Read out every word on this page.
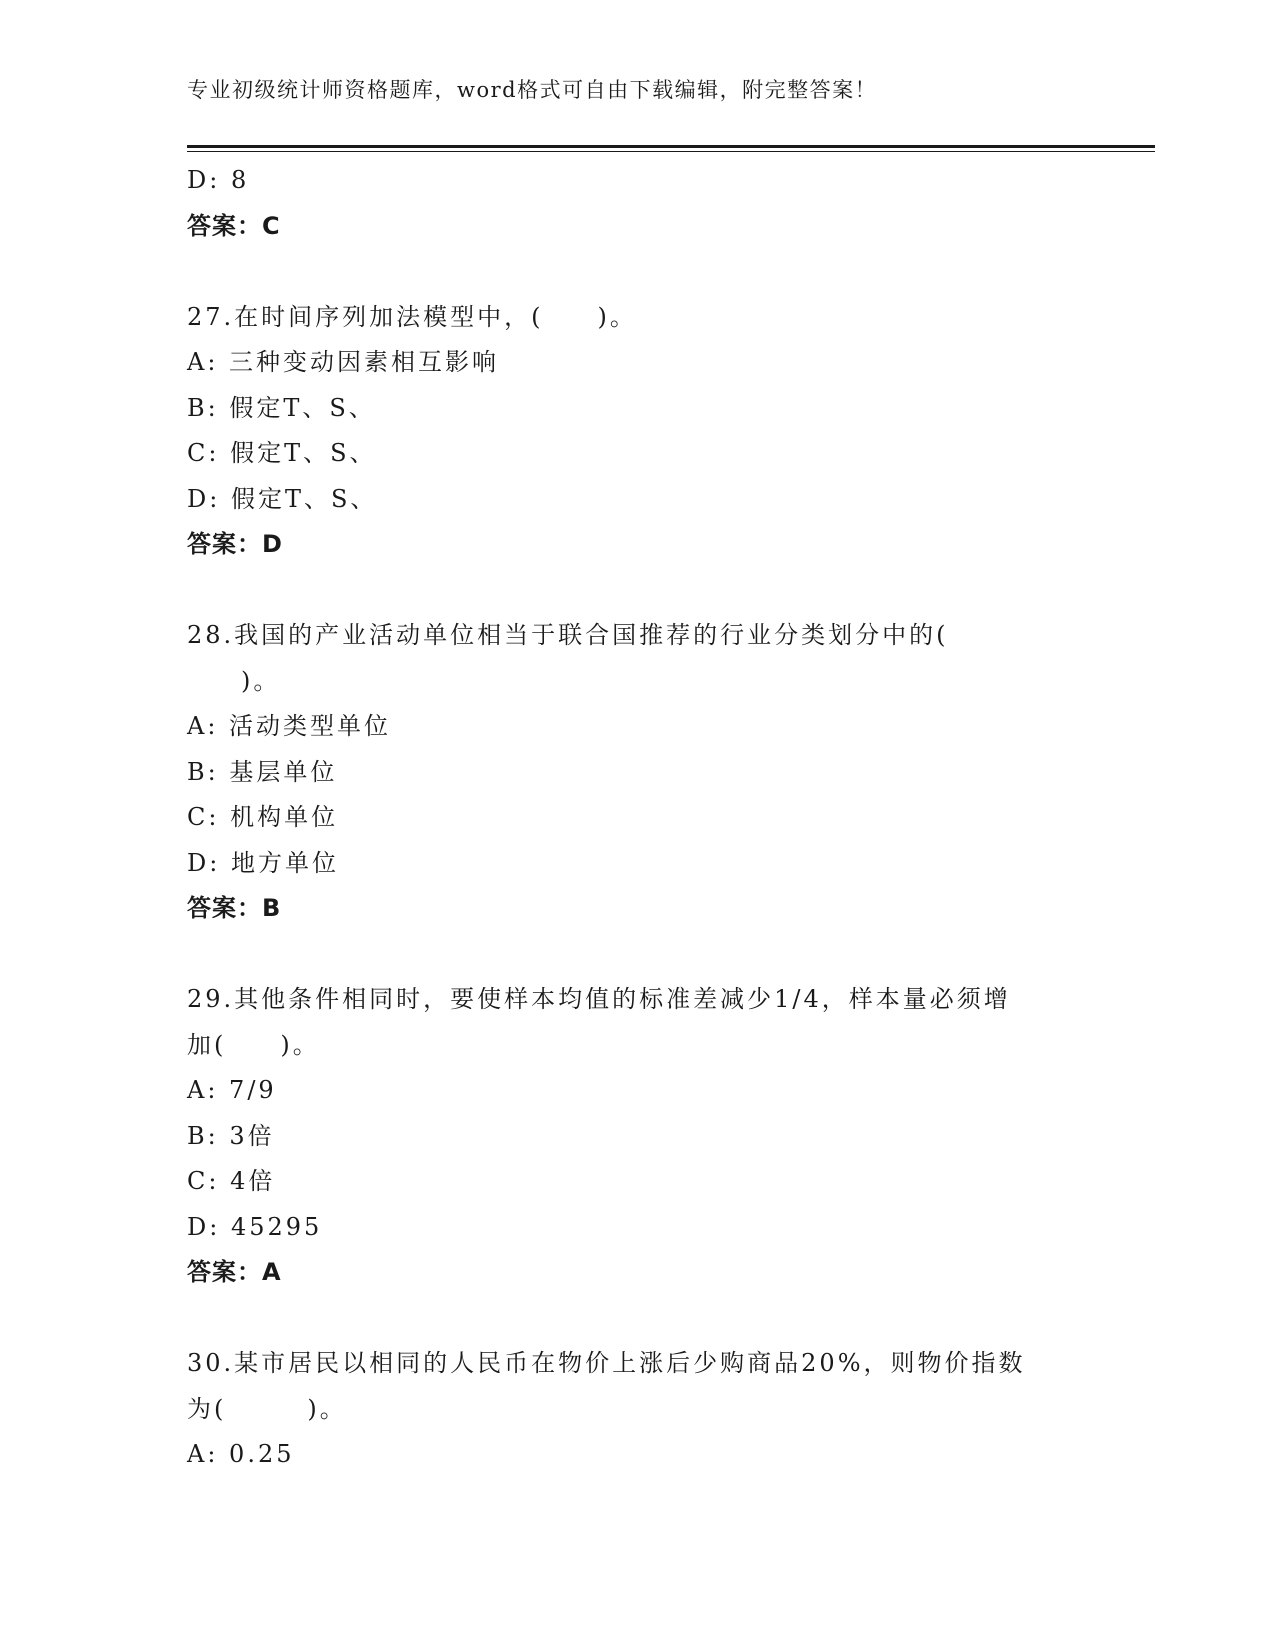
专业初级统计师资格题库，word格式可自由下载编辑，附完整答案！
D: 8
答案：C
27.在时间序列加法模型中，(　　)。
A: 三种变动因素相互影响
B: 假定T、S、
C: 假定T、S、
D: 假定T、S、
答案：D
28.我国的产业活动单位相当于联合国推荐的行业分类划分中的(
　　)。
A: 活动类型单位
B: 基层单位
C: 机构单位
D: 地方单位
答案：B
29.其他条件相同时，要使样本均值的标准差减少1/4，样本量必须增
加(　　)。
A: 7/9
B: 3倍
C: 4倍
D: 45295
答案：A
30.某市居民以相同的人民币在物价上涨后少购商品20%，则物价指数
为(　　　)。
A: 0.25
